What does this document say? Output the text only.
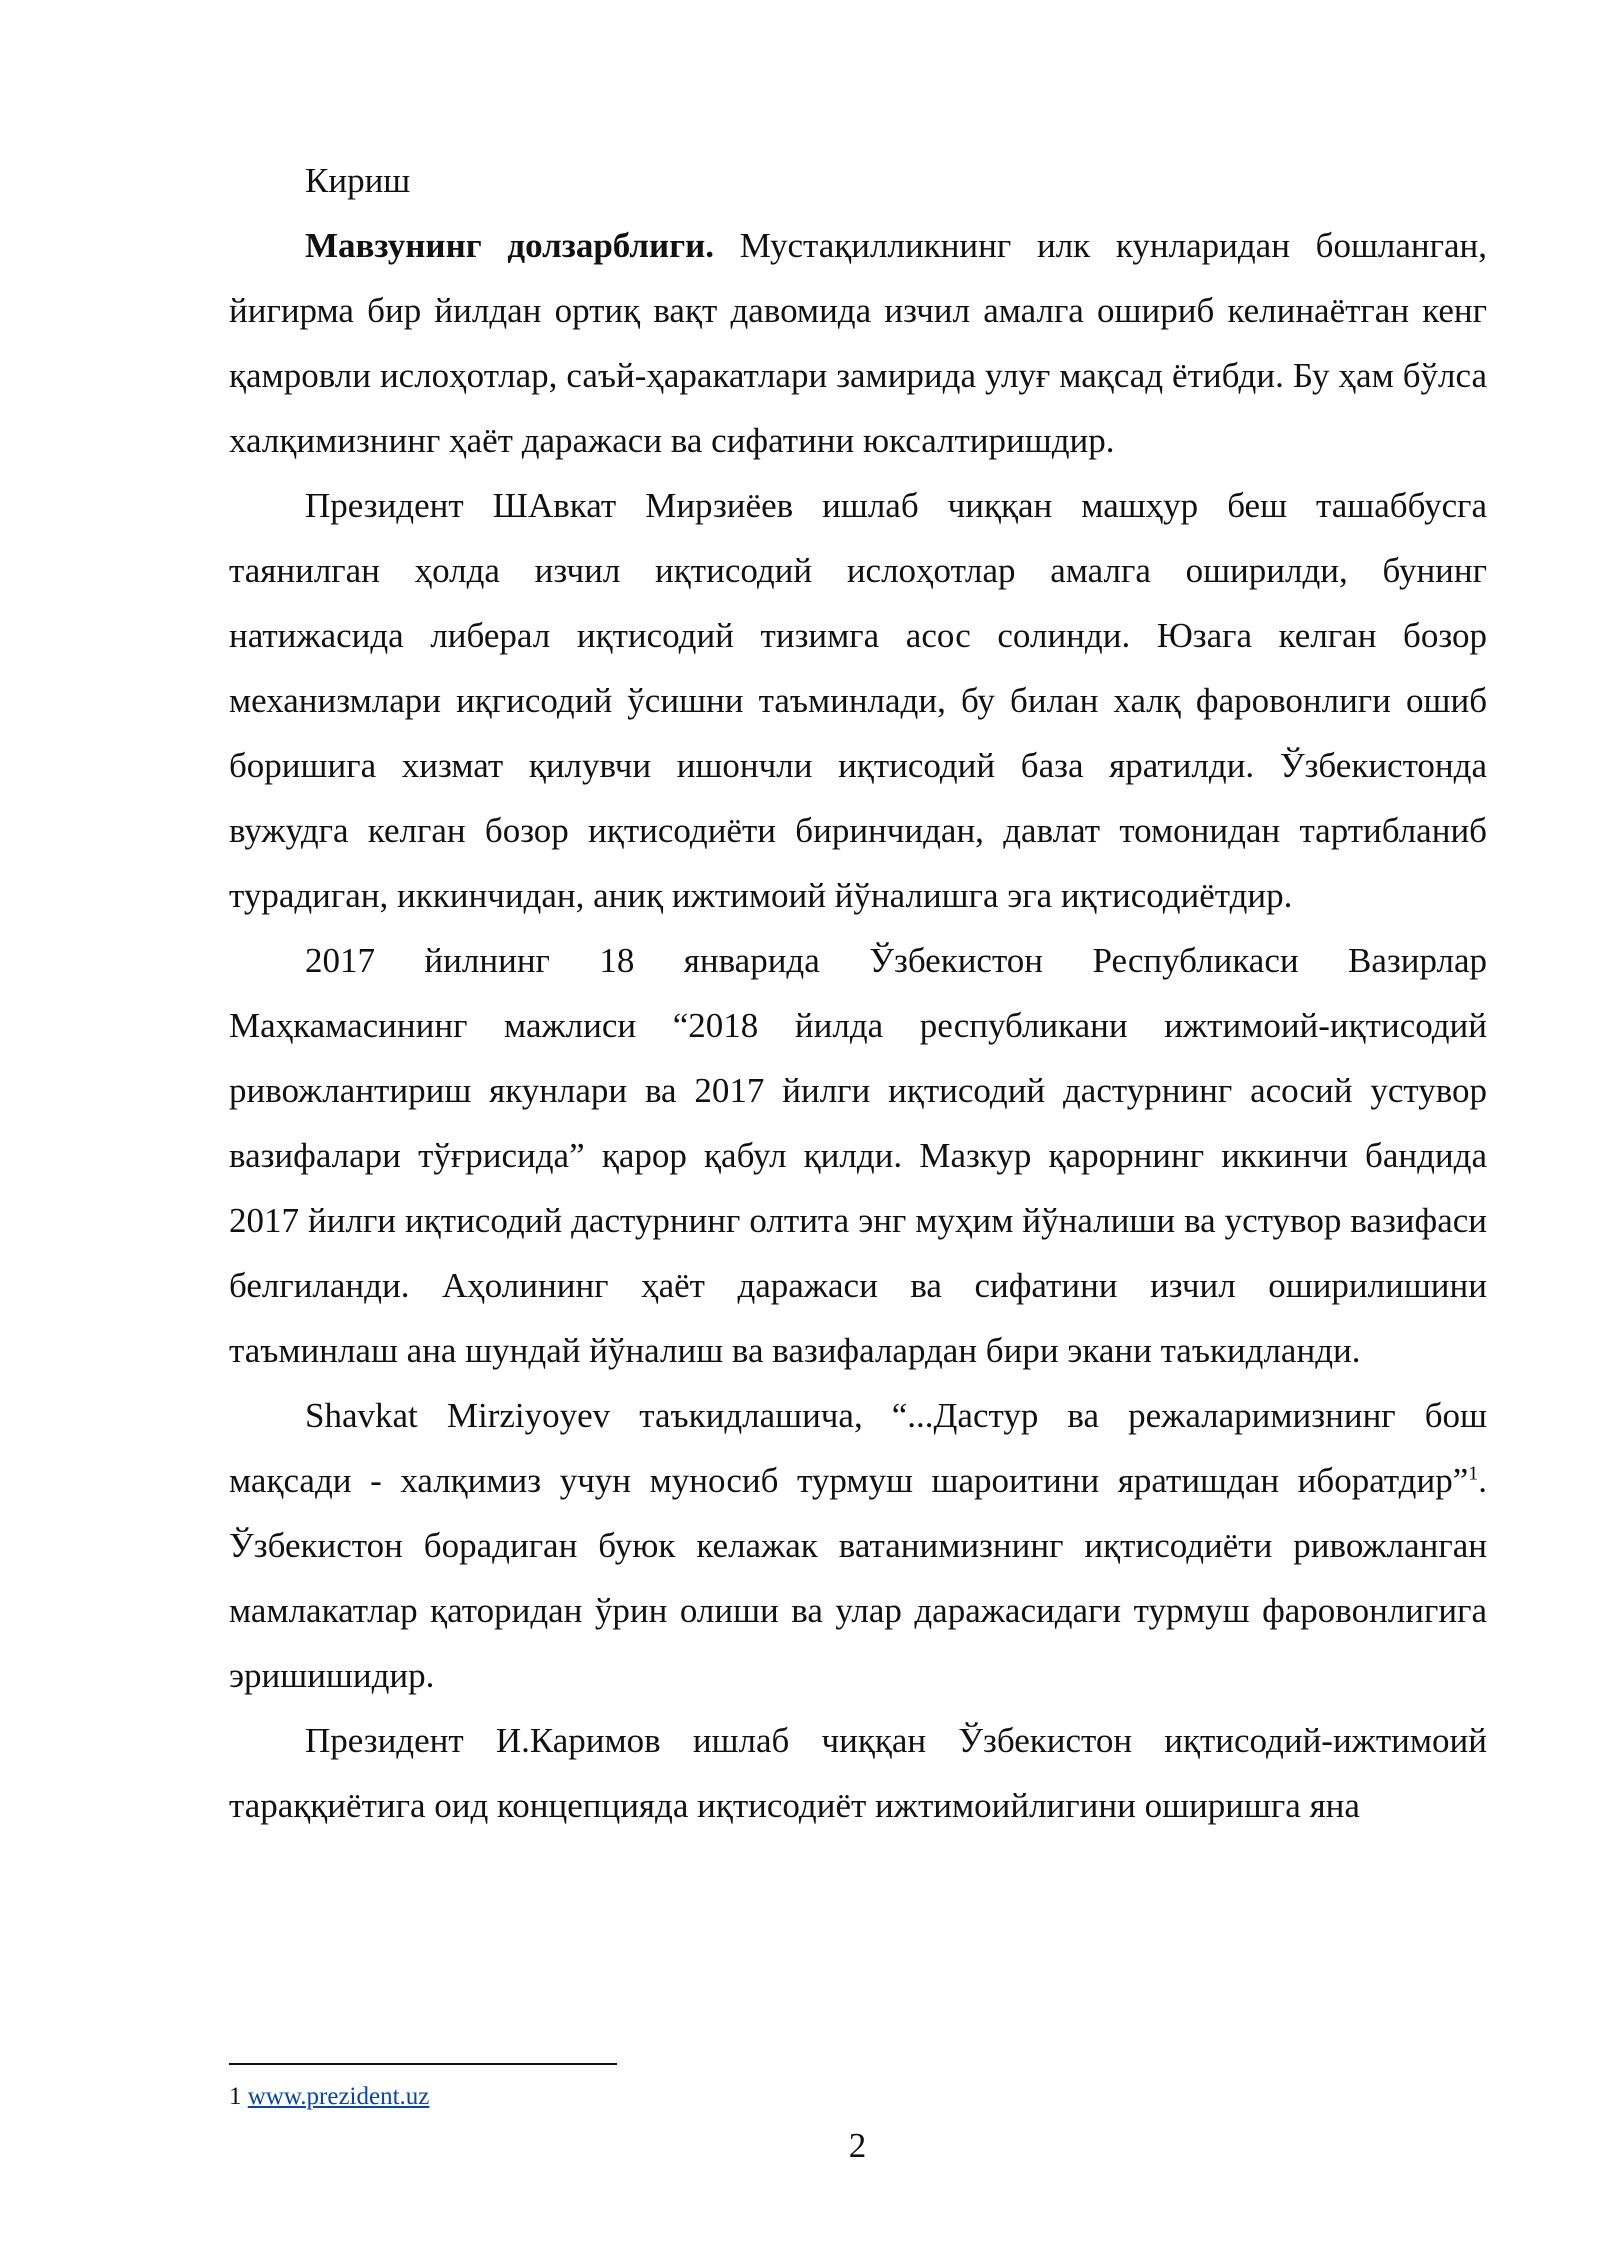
Кириш

Мавзунинг долзарблиги. Мустақилликнинг илк кунларидан бошланган, йигирма бир йилдан ортиқ вақт давомида изчил амалга ошириб келинаётган кенг қамровли ислоҳотлар, саъй-ҳаракатлари замирида улуғ мақсад ётибди. Бу ҳам бўлса халқимизнинг ҳаёт даражаси ва сифатини юксалтиришдир.

Президент ШАвкат Мирзиёев ишлаб чиққан машҳур беш ташаббусга таянилган ҳолда изчил иқтисодий ислоҳотлар амалга оширилди, бунинг натижасида либерал иқтисодий тизимга асос солинди. Юзага келган бозор механизмлари иқгисодий ўсишни таъминлади, бу билан халқ фаровонлиги ошиб боришига хизмат қилувчи ишончли иқтисодий база яратилди. Ўзбекистонда вужудга келган бозор иқтисодиёти биринчидан, давлат томонидан тартибланиб турадиган, иккинчидан, аниқ ижтимоий йўналишга эга иқтисодиётдир.

2017 йилнинг 18 январида Ўзбекистон Республикаси Вазирлар Маҳкамасининг мажлиси “2018 йилда республикани ижтимоий-иқтисодий ривожлантириш якунлари ва 2017 йилги иқтисодий дастурнинг асосий устувор вазифалари тўғрисида” қарор қабул қилди. Мазкур қарорнинг иккинчи бандида 2017 йилги иқтисодий дастурнинг олтита энг муҳим йўналиши ва устувор вазифаси белгиланди. Аҳолининг ҳаёт даражаси ва сифатини изчил оширилишини таъминлаш ана шундай йўналиш ва вазифалардан бири экани таъкидланди.

Shavkat Mirziyoyev таъкидлашича, “...Дастур ва режаларимизнинг бош мақсади - халқимиз учун муносиб турмуш шароитини яратишдан иборатдир”$^1$. Ўзбекистон борадиган буюк келажак ватанимизнинг иқтисодиёти ривожланган мамлакатлар қаторидан ўрин олиши ва улар даражасидаги турмуш фаровонлигига эришишидир.

Президент И.Каримов ишлаб чиққан Ўзбекистон иқтисодий-ижтимоий тараққиётига оид концепцияда иқтисодиёт ижтимоийлигини оширишга яна

1 www.prezident.uz
2
